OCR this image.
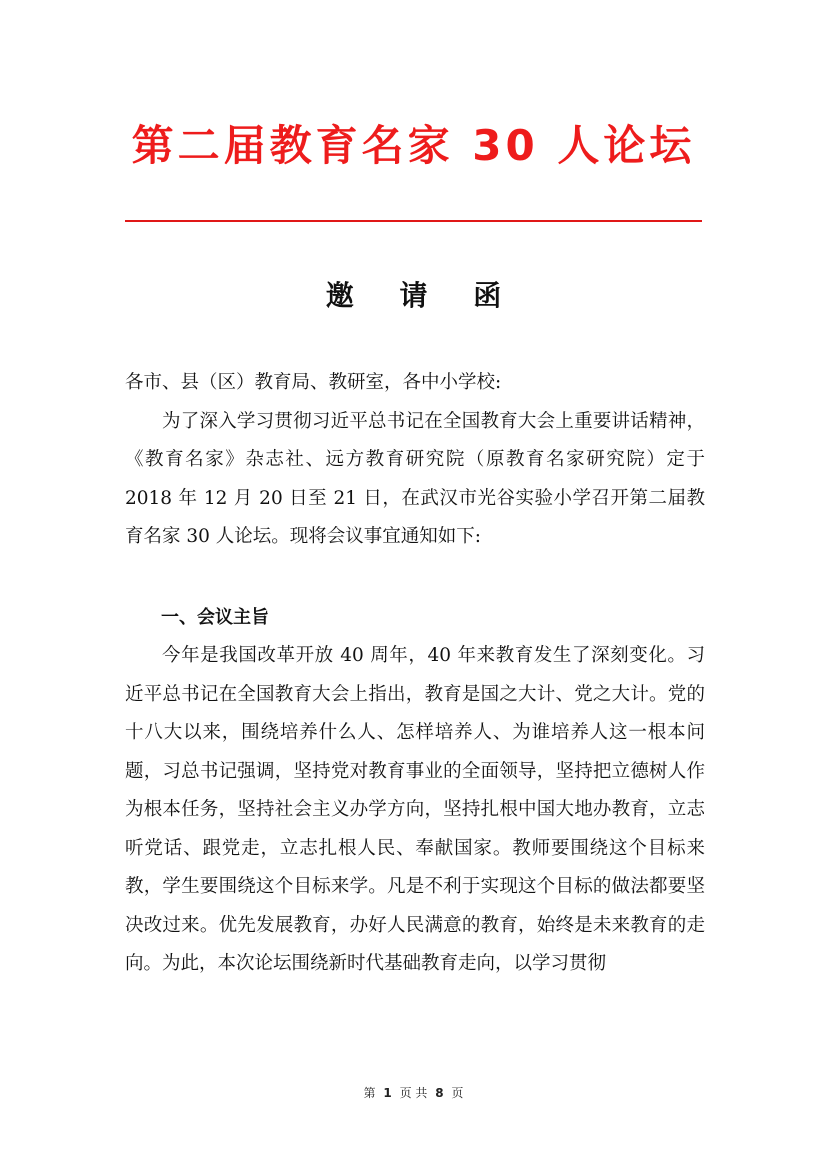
第二届教育名家 30 人论坛
邀 请 函

各市、县（区）教育局、教研室，各中小学校:

为了深入学习贯彻习近平总书记在全国教育大会上重要讲话精神，《教育名家》杂志社、远方教育研究院（原教育名家研究院）定于 2018 年 12 月 20 日至 21 日，在武汉市光谷实验小学召开第二届教育名家 30 人论坛。现将会议事宜通知如下:

一、会议主旨

今年是我国改革开放 40 周年，40 年来教育发生了深刻变化。习近平总书记在全国教育大会上指出，教育是国之大计、党之大计。党的十八大以来，围绕培养什么人、怎样培养人、为谁培养人这一根本问题，习总书记强调，坚持党对教育事业的全面领导，坚持把立德树人作为根本任务，坚持社会主义办学方向，坚持扎根中国大地办教育，立志听党话、跟党走，立志扎根人民、奉献国家。教师要围绕这个目标来教，学生要围绕这个目标来学。凡是不利于实现这个目标的做法都要坚决改过来。优先发展教育，办好人民满意的教育，始终是未来教育的走向。为此，本次论坛围绕新时代基础教育走向，以学习贯彻

第 1 页 共 8 页
